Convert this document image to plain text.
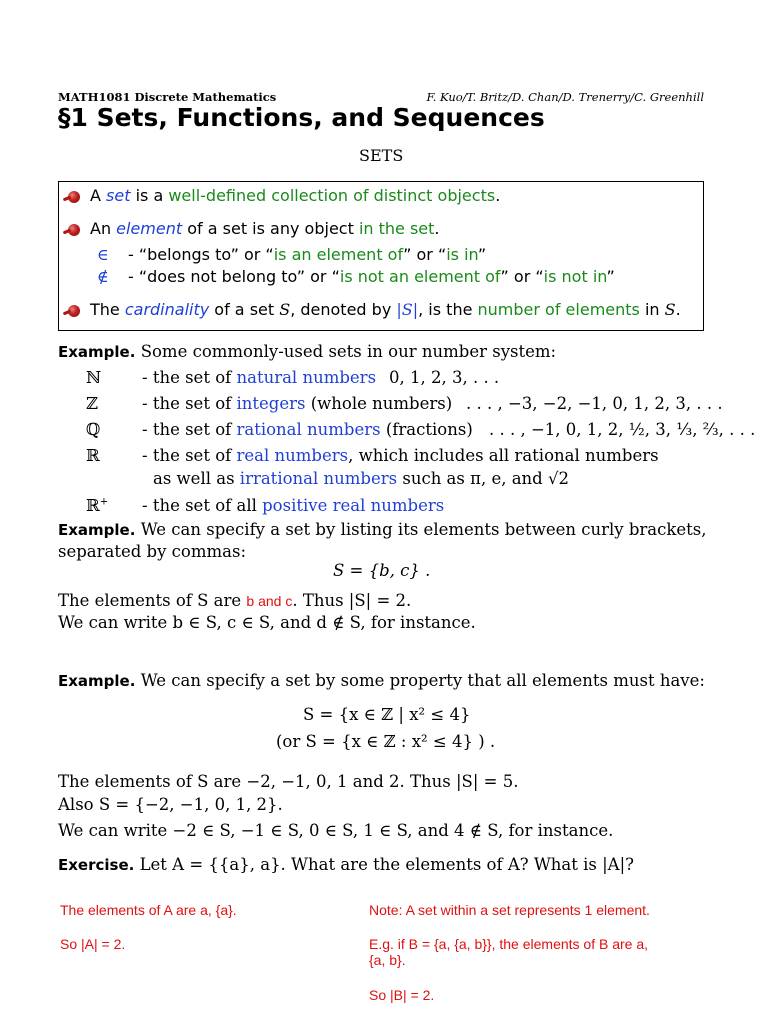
MATH1081 Discrete Mathematics	F. Kuo/T. Britz/D. Chan/D. Trenerry/C. Greenhill
§1 Sets, Functions, and Sequences
SETS
A set is a well-defined collection of distinct objects.
An element of a set is any object in the set.
∈ - “belongs to” or “is an element of” or “is in”
∉ - “does not belong to” or “is not an element of” or “is not in”
The cardinality of a set S, denoted by |S|, is the number of elements in S.
Example. Some commonly-used sets in our number system:
ℕ - the set of natural numbers 0, 1, 2, 3, . . .
ℤ	- the set of integers (whole numbers) . . . , −3, −2, −1, 0, 1, 2, 3, . . .
ℚ	- the set of rational numbers (fractions) . . . , −1, 0, 1, 2, ½, 3, ⅓, ⅔, . . .
ℝ	- the set of real numbers, which includes all rational numbers
as well as irrational numbers such as π, e, and √2
ℝ+ - the set of all positive real numbers
Example. We can specify a set by listing its elements between curly brackets,
separated by commas:
S = {b, c} .
The elements of S are b and c. Thus |S| = 2.
We can write b ∈ S, c ∈ S, and d ∉ S, for instance.
Example. We can specify a set by some property that all elements must have:
S = {x ∈ ℤ | x² ≤ 4}
(or S = {x ∈ ℤ : x² ≤ 4} ) .
The elements of S are −2, −1, 0, 1 and 2. Thus |S| = 5.
Also S = {−2, −1, 0, 1, 2}.
We can write −2 ∈ S, −1 ∈ S, 0 ∈ S, 1 ∈ S, and 4 ∉ S, for instance.
Exercise. Let A = {{a}, a}. What are the elements of A? What is |A|?
The elements of A are a, {a}.
So |A| = 2.
Note: A set within a set represents 1 element.
E.g. if B = {a, {a, b}}, the elements of B are a,
{a, b}.
So |B| = 2.
